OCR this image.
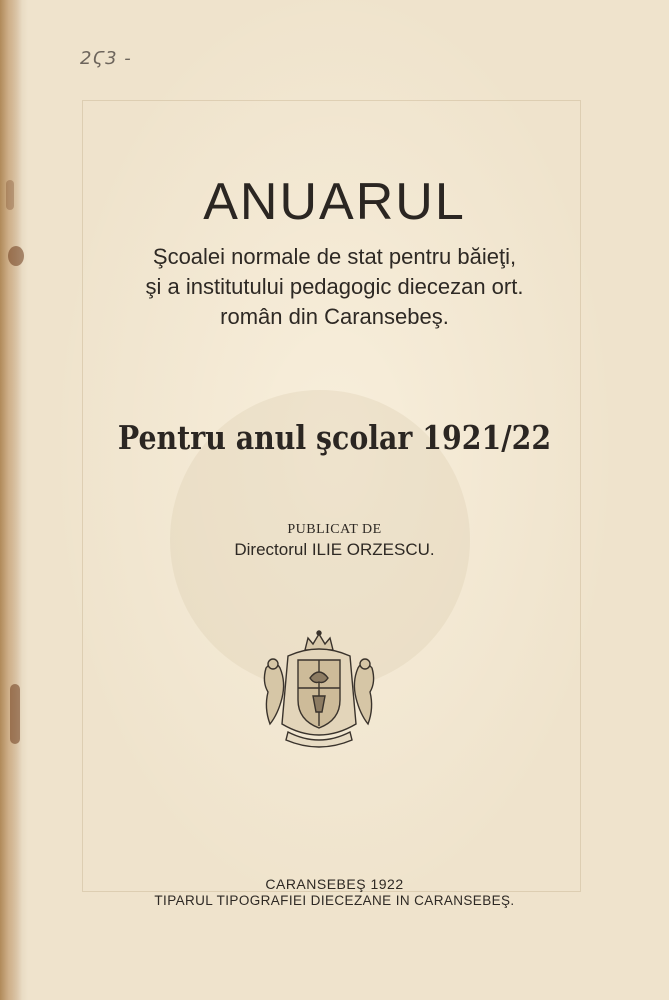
2Ϛ3 -
ANUARUL
Şcoalei normale de stat pentru băieţi,
şi a institutului pedagogic diecezan ort.
român din Caransebeş.
Pentru anul şcolar 1921/22
PUBLICAT DE
Directorul ILIE ORZESCU.
CARANSEBEŞ 1922
TIPARUL TIPOGRAFIEI DIECEZANE IN CARANSEBEŞ.
